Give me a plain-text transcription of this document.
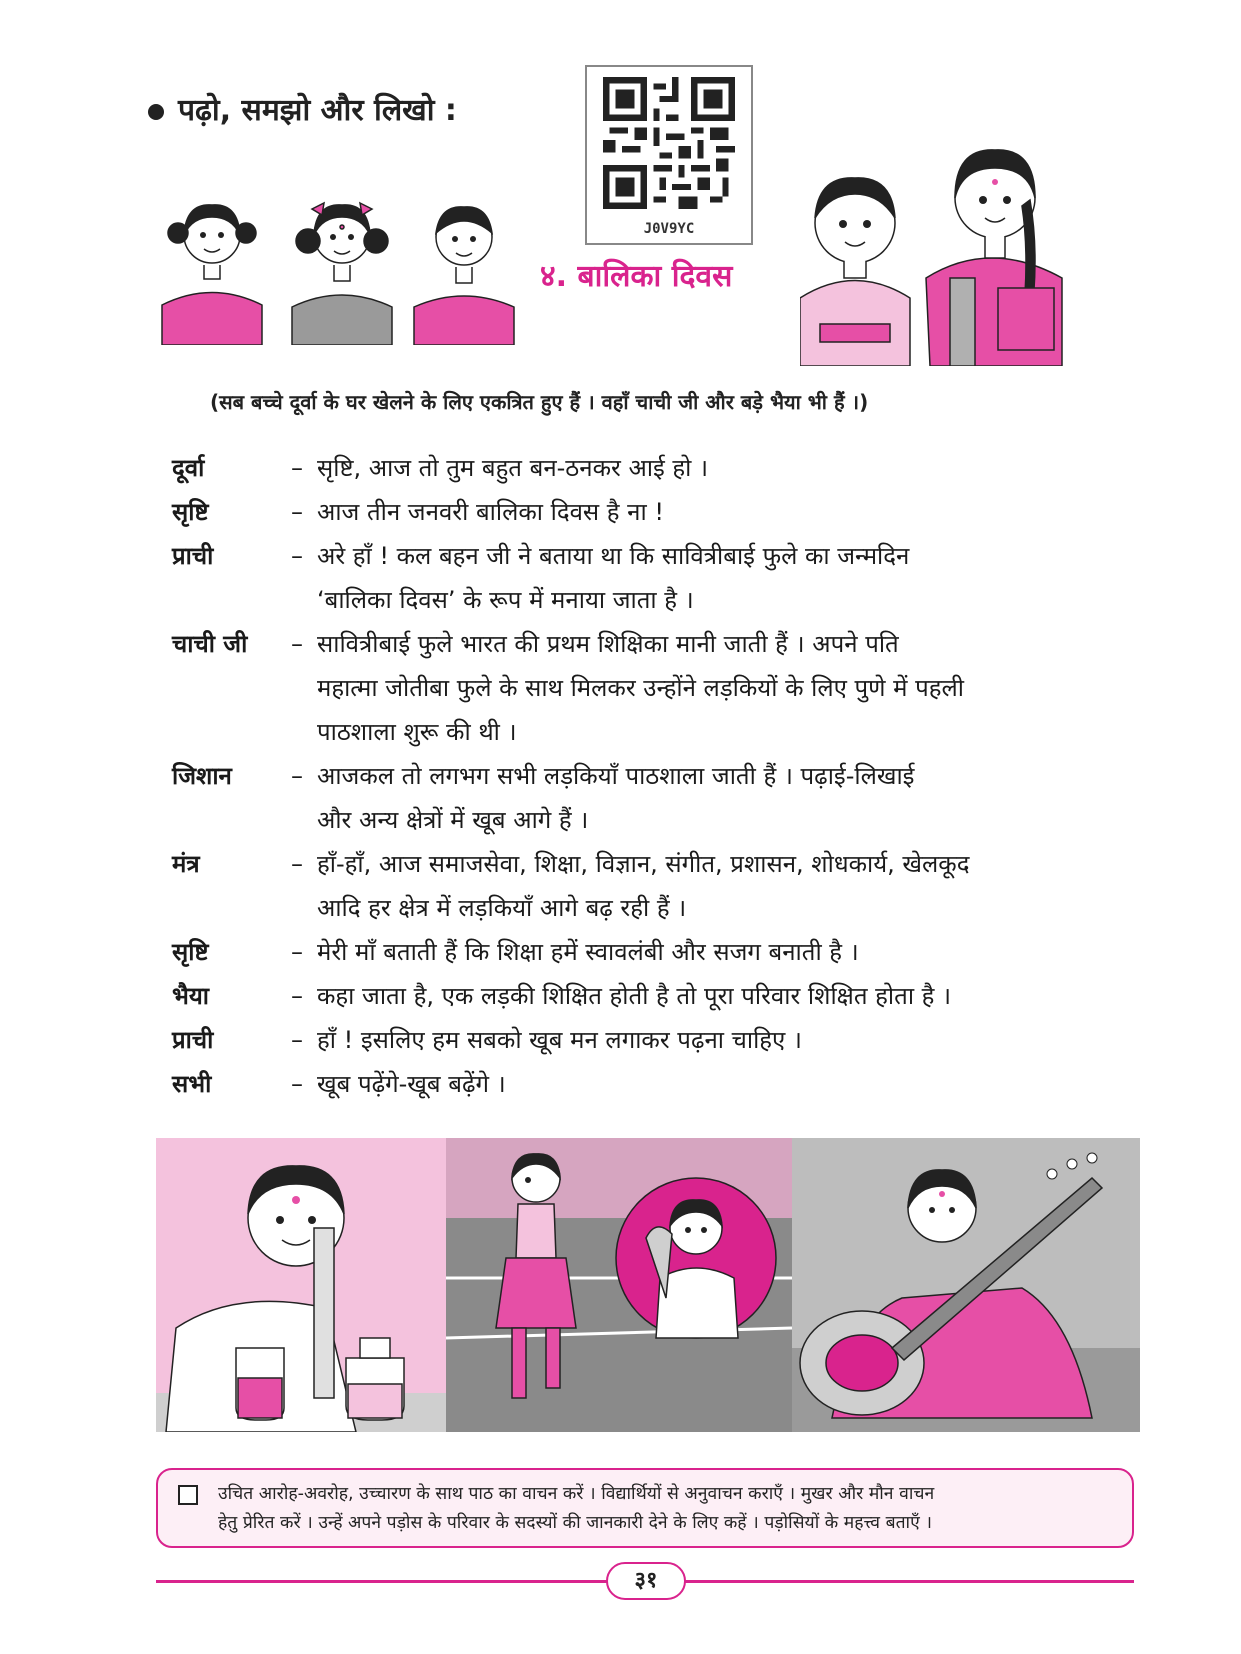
पढ़ो, समझो और लिखो :
J0V9YC
४. बालिका दिवस
(सब बच्चे दूर्वा के घर खेलने के लिए एकत्रित हुए हैं । वहाँ चाची जी और बड़े भैया भी हैं ।)
दूर्वा	– सृष्टि, आज तो तुम बहुत बन-ठनकर आई हो ।
सृष्टि	– आज तीन जनवरी बालिका दिवस है ना !
प्राची	– अरे हाँ ! कल बहन जी ने बताया था कि सावित्रीबाई फुले का जन्मदिन
‘बालिका दिवस’ के रूप में मनाया जाता है ।
चाची जी	– सावित्रीबाई फुले भारत की प्रथम शिक्षिका मानी जाती हैं । अपने पति
महात्मा जोतीबा फुले के साथ मिलकर उन्होंने लड़कियों के लिए पुणे में पहली
पाठशाला शुरू की थी ।
जिशान	– आजकल तो लगभग सभी लड़कियाँ पाठशाला जाती हैं । पढ़ाई-लिखाई
और अन्य क्षेत्रों में खूब आगे हैं ।
मंत्र	– हाँ-हाँ, आज समाजसेवा, शिक्षा, विज्ञान, संगीत, प्रशासन, शोधकार्य, खेलकूद
आदि हर क्षेत्र में लड़कियाँ आगे बढ़ रही हैं ।
सृष्टि	– मेरी माँ बताती हैं कि शिक्षा हमें स्वावलंबी और सजग बनाती है ।
भैया	– कहा जाता है, एक लड़की शिक्षित होती है तो पूरा परिवार शिक्षित होता है ।
प्राची	– हाँ ! इसलिए हम सबको खूब मन लगाकर पढ़ना चाहिए ।
सभी	– खूब पढ़ेंगे-खूब बढ़ेंगे ।
उचित आरोह-अवरोह, उच्चारण के साथ पाठ का वाचन करें । विद्यार्थियों से अनुवाचन कराएँ । मुखर और मौन वाचन
हेतु प्रेरित करें । उन्हें अपने पड़ोस के परिवार के सदस्यों की जानकारी देने के लिए कहें । पड़ोसियों के महत्त्व बताएँ ।
३१
